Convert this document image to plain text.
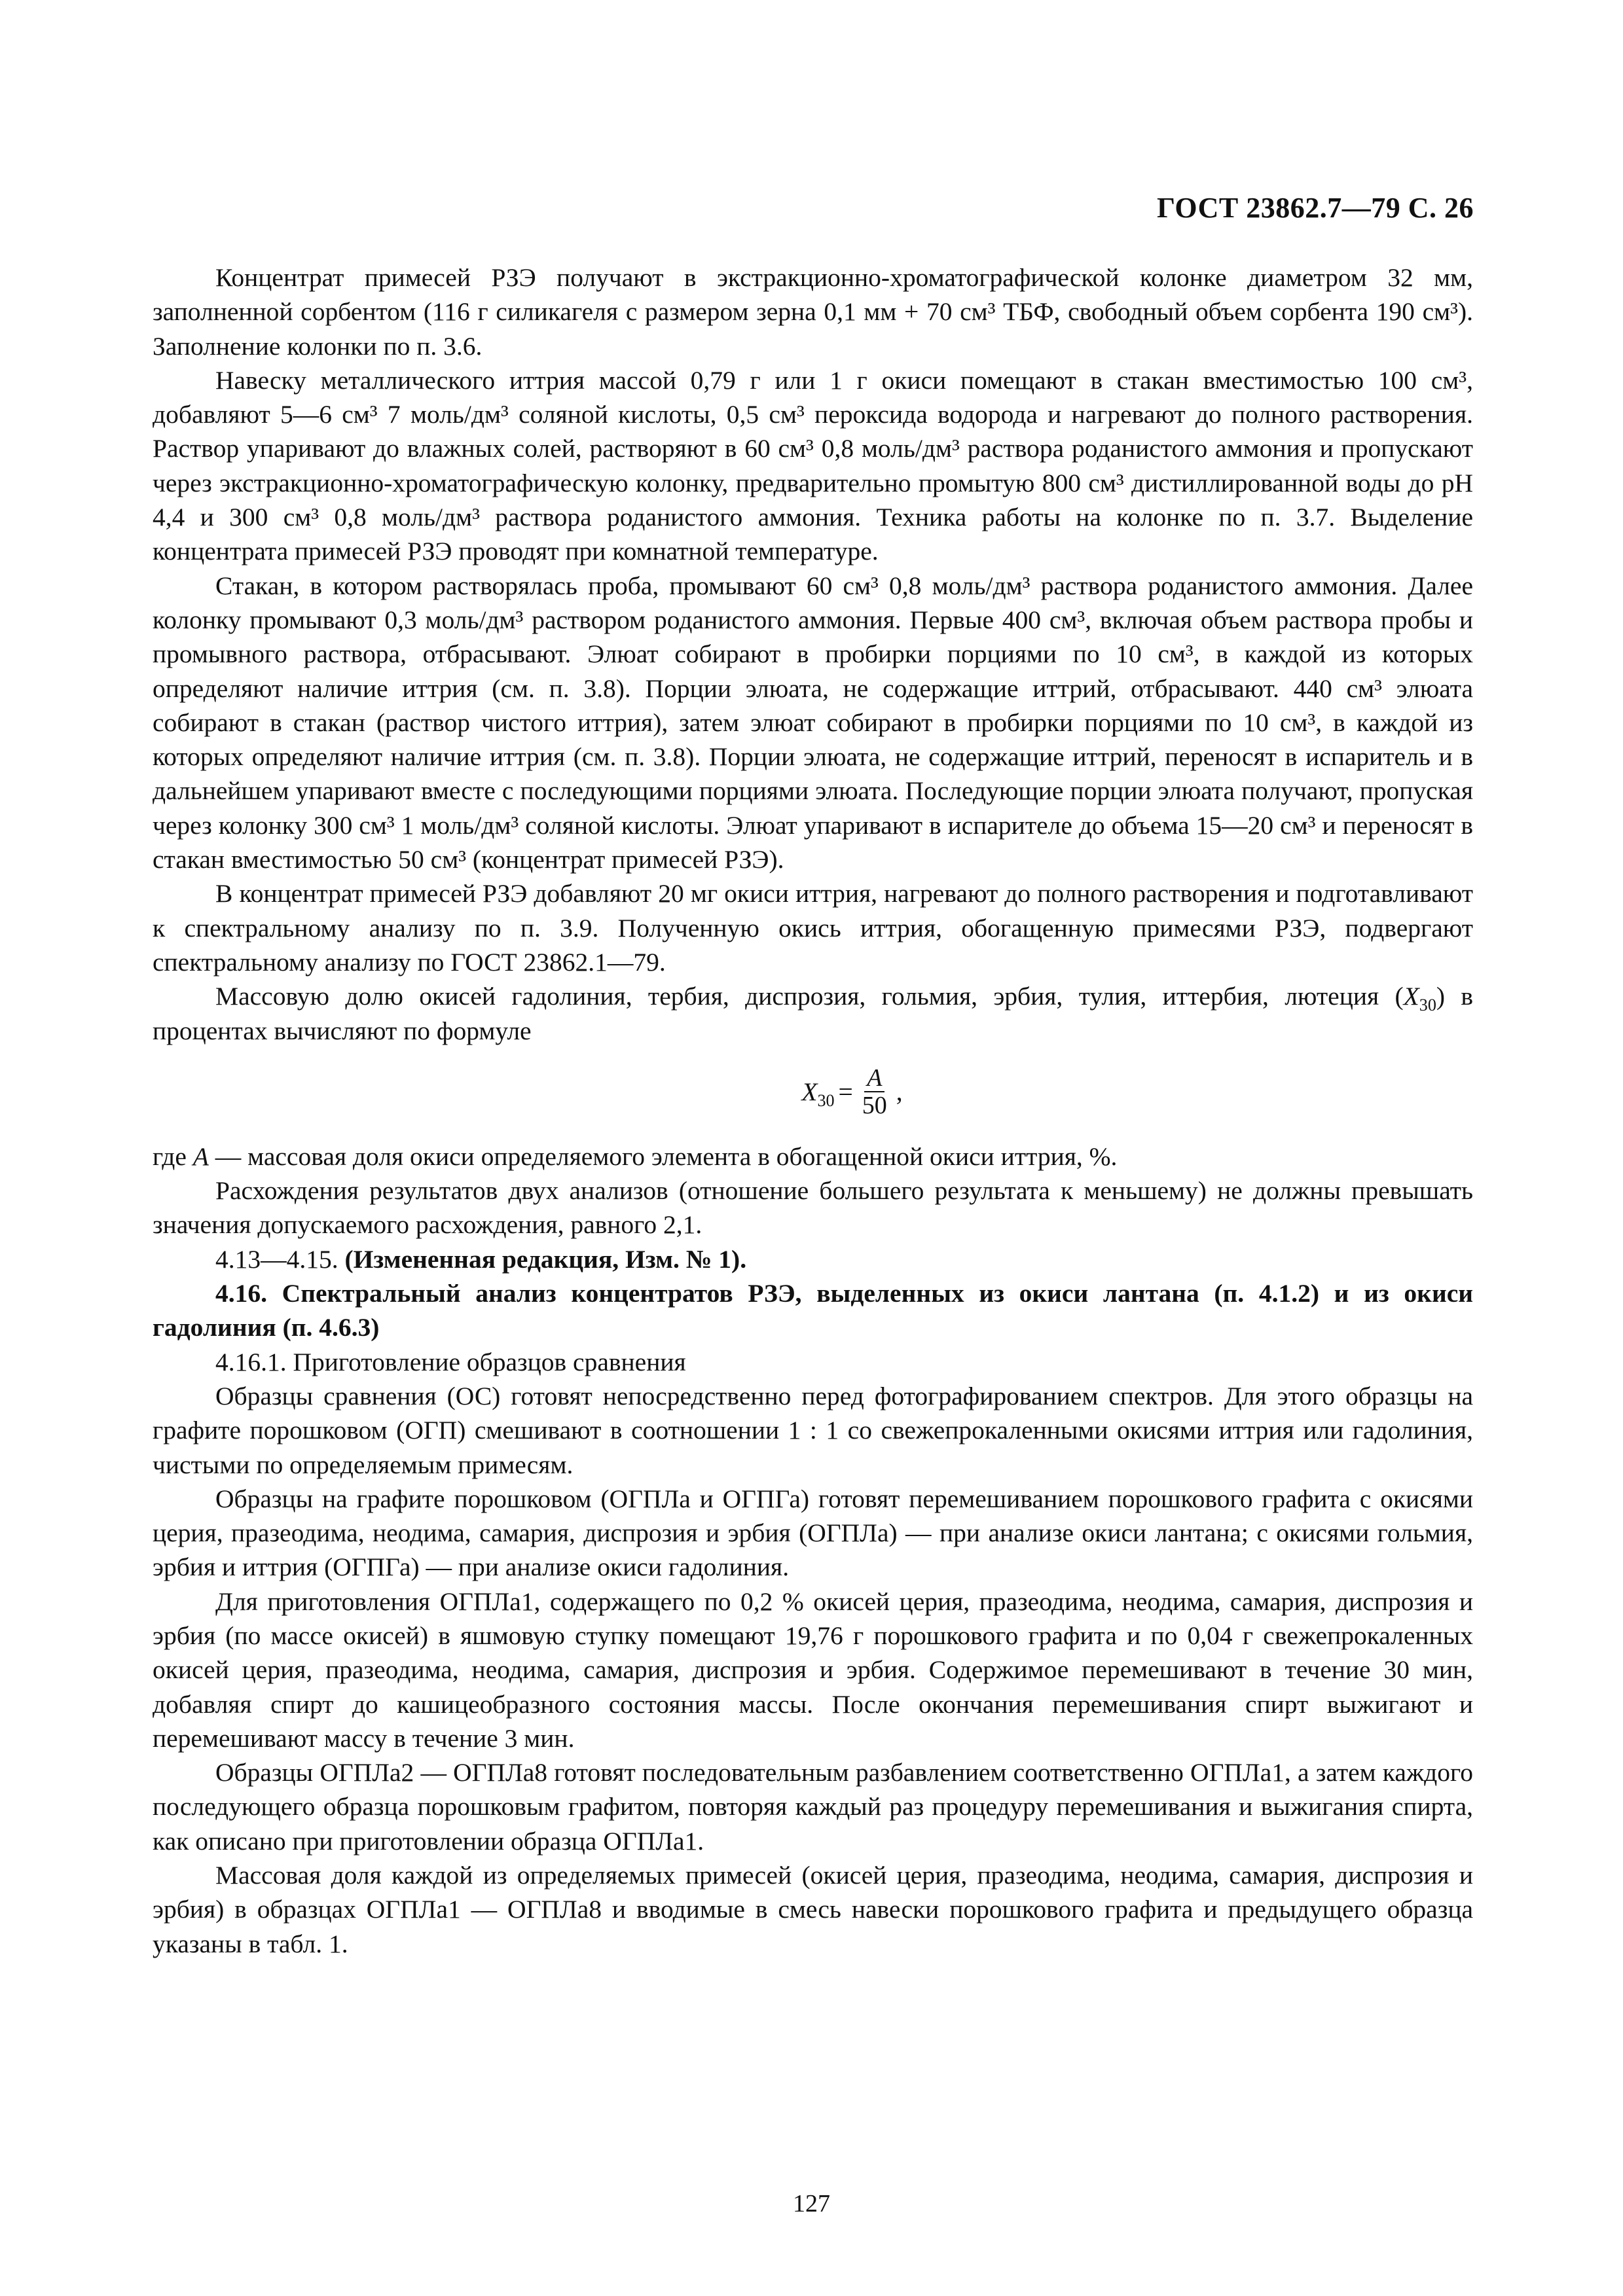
ГОСТ 23862.7—79 С. 26

Концентрат примесей РЗЭ получают в экстракционно-хроматографической колонке диаметром 32 мм, заполненной сорбентом (116 г силикагеля с размером зерна 0,1 мм + 70 см³ ТБФ, свободный объем сорбента 190 см³). Заполнение колонки по п. 3.6.

Навеску металлического иттрия массой 0,79 г или 1 г окиси помещают в стакан вместимостью 100 см³, добавляют 5—6 см³ 7 моль/дм³ соляной кислоты, 0,5 см³ пероксида водорода и нагревают до полного растворения. Раствор упаривают до влажных солей, растворяют в 60 см³ 0,8 моль/дм³ раствора роданистого аммония и пропускают через экстракционно-хроматографическую колонку, предварительно промытую 800 см³ дистиллированной воды до pH 4,4 и 300 см³ 0,8 моль/дм³ раствора роданистого аммония. Техника работы на колонке по п. 3.7. Выделение концентрата примесей РЗЭ проводят при комнатной температуре.

Стакан, в котором растворялась проба, промывают 60 см³ 0,8 моль/дм³ раствора роданистого аммония. Далее колонку промывают 0,3 моль/дм³ раствором роданистого аммония. Первые 400 см³, включая объем раствора пробы и промывного раствора, отбрасывают. Элюат собирают в пробирки порциями по 10 см³, в каждой из которых определяют наличие иттрия (см. п. 3.8). Порции элюата, не содержащие иттрий, отбрасывают. 440 см³ элюата собирают в стакан (раствор чистого иттрия), затем элюат собирают в пробирки порциями по 10 см³, в каждой из которых определяют наличие иттрия (см. п. 3.8). Порции элюата, не содержащие иттрий, переносят в испаритель и в дальнейшем упаривают вместе с последующими порциями элюата. Последующие порции элюата получают, пропуская через колонку 300 см³ 1 моль/дм³ соляной кислоты. Элюат упаривают в испарителе до объема 15—20 см³ и переносят в стакан вместимостью 50 см³ (концентрат примесей РЗЭ).

В концентрат примесей РЗЭ добавляют 20 мг окиси иттрия, нагревают до полного растворения и подготавливают к спектральному анализу по п. 3.9. Полученную окись иттрия, обогащенную примесями РЗЭ, подвергают спектральному анализу по ГОСТ 23862.1—79.

Массовую долю окисей гадолиния, тербия, диспрозия, гольмия, эрбия, тулия, иттербия, лютеция $(X_{30})$ в процентах вычисляют по формуле

$X_{30} = \frac{A}{50}$ ,

где A — массовая доля окиси определяемого элемента в обогащенной окиси иттрия, %.

Расхождения результатов двух анализов (отношение большего результата к меньшему) не должны превышать значения допускаемого расхождения, равного 2,1.

4.13—4.15. (Измененная редакция, Изм. № 1).

4.16. Спектральный анализ концентратов РЗЭ, выделенных из окиси лантана (п. 4.1.2) и из окиси гадолиния (п. 4.6.3)

4.16.1. Приготовление образцов сравнения

Образцы сравнения (ОС) готовят непосредственно перед фотографированием спектров. Для этого образцы на графите порошковом (ОГП) смешивают в соотношении 1 : 1 со свежепрокаленными окисями иттрия или гадолиния, чистыми по определяемым примесям.

Образцы на графите порошковом (ОГПЛа и ОГПГа) готовят перемешиванием порошкового графита с окисями церия, празеодима, неодима, самария, диспрозия и эрбия (ОГПЛа) — при анализе окиси лантана; с окисями гольмия, эрбия и иттрия (ОГПГа) — при анализе окиси гадолиния.

Для приготовления ОГПЛа1, содержащего по 0,2 % окисей церия, празеодима, неодима, самария, диспрозия и эрбия (по массе окисей) в яшмовую ступку помещают 19,76 г порошкового графита и по 0,04 г свежепрокаленных окисей церия, празеодима, неодима, самария, диспрозия и эрбия. Содержимое перемешивают в течение 30 мин, добавляя спирт до кашицеобразного состояния массы. После окончания перемешивания спирт выжигают и перемешивают массу в течение 3 мин.

Образцы ОГПЛа2 — ОГПЛа8 готовят последовательным разбавлением соответственно ОГПЛа1, а затем каждого последующего образца порошковым графитом, повторяя каждый раз процедуру перемешивания и выжигания спирта, как описано при приготовлении образца ОГПЛа1.

Массовая доля каждой из определяемых примесей (окисей церия, празеодима, неодима, самария, диспрозия и эрбия) в образцах ОГПЛа1 — ОГПЛа8 и вводимые в смесь навески порошкового графита и предыдущего образца указаны в табл. 1.

127
